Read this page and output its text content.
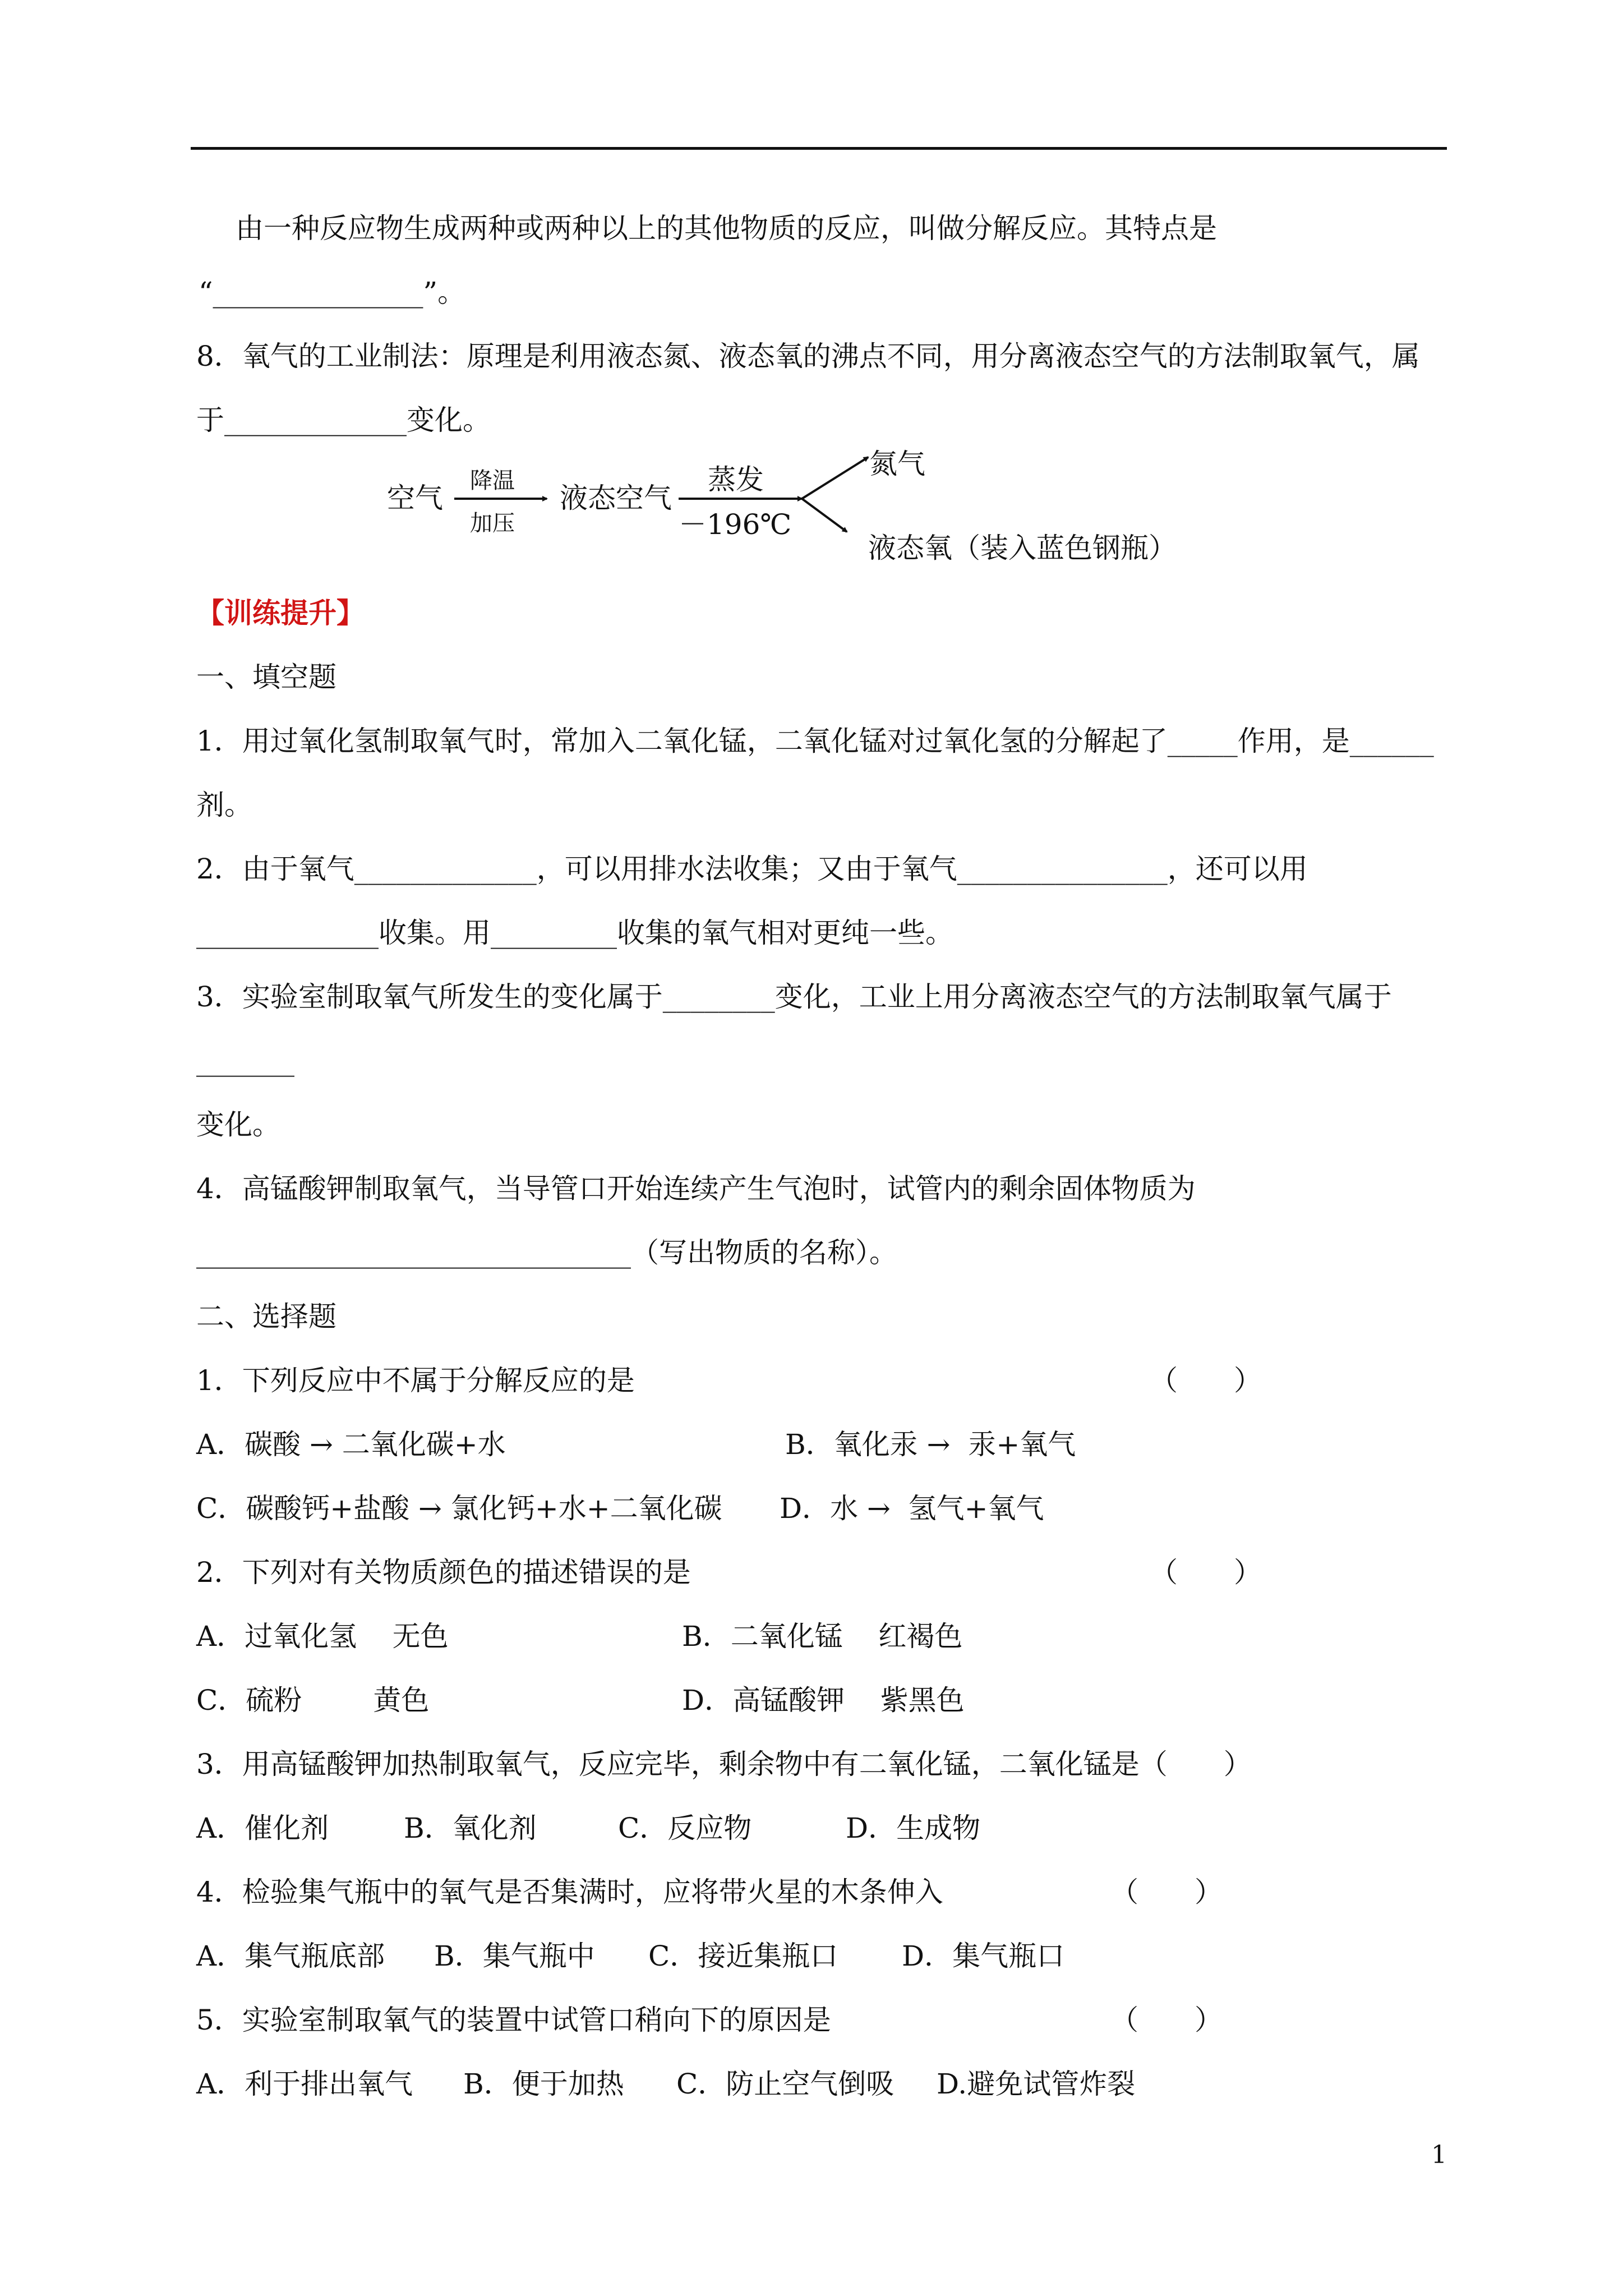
由一种反应物生成两种或两种以上的其他物质的反应，叫做分解反应。其特点是
“_______________”。
8．氧气的工业制法：原理是利用液态氮、液态氧的沸点不同，用分离液态空气的方法制取氧气，属
于_____________变化。
空气
降温
加压
液态空气
蒸发
－196℃
氮气
液态氧（装入蓝色钢瓶）
【训练提升】
一、填空题
1．用过氧化氢制取氧气时，常加入二氧化锰，二氧化锰对过氧化氢的分解起了_____作用，是______
剂。
2．由于氧气_____________，可以用排水法收集；又由于氧气_______________，还可以用
_____________收集。用_________收集的氧气相对更纯一些。
3．实验室制取氧气所发生的变化属于________变化，工业上用分离液态空气的方法制取氧气属于
_______
变化。
4．高锰酸钾制取氧气，当导管口开始连续产生气泡时，试管内的剩余固体物质为
_______________________________（写出物质的名称）。
二、选择题
1．下列反应中不属于分解反应的是	（　　）
A．碳酸 → 二氧化碳+水	B．氧化汞 →  汞+氧气
C．碳酸钙+盐酸 → 氯化钙+水+二氧化碳 D．水 →  氢气+氧气
2．下列对有关物质颜色的描述错误的是	（　　）
A．过氧化氢    无色	B．二氧化锰    红褐色
C．硫粉        黄色	D．高锰酸钾    紫黑色
3．用高锰酸钾加热制取氧气，反应完毕，剩余物中有二氧化锰，二氧化锰是（　　）
A．催化剂	B．氧化剂	C．反应物	D．生成物
4．检验集气瓶中的氧气是否集满时，应将带火星的木条伸入	（　　）
A．集气瓶底部 B．集气瓶中 C．接近集瓶口 D．集气瓶口
5．实验室制取氧气的装置中试管口稍向下的原因是	（　　）
A．利于排出氧气 B．便于加热 C．防止空气倒吸 D.避免试管炸裂
1
